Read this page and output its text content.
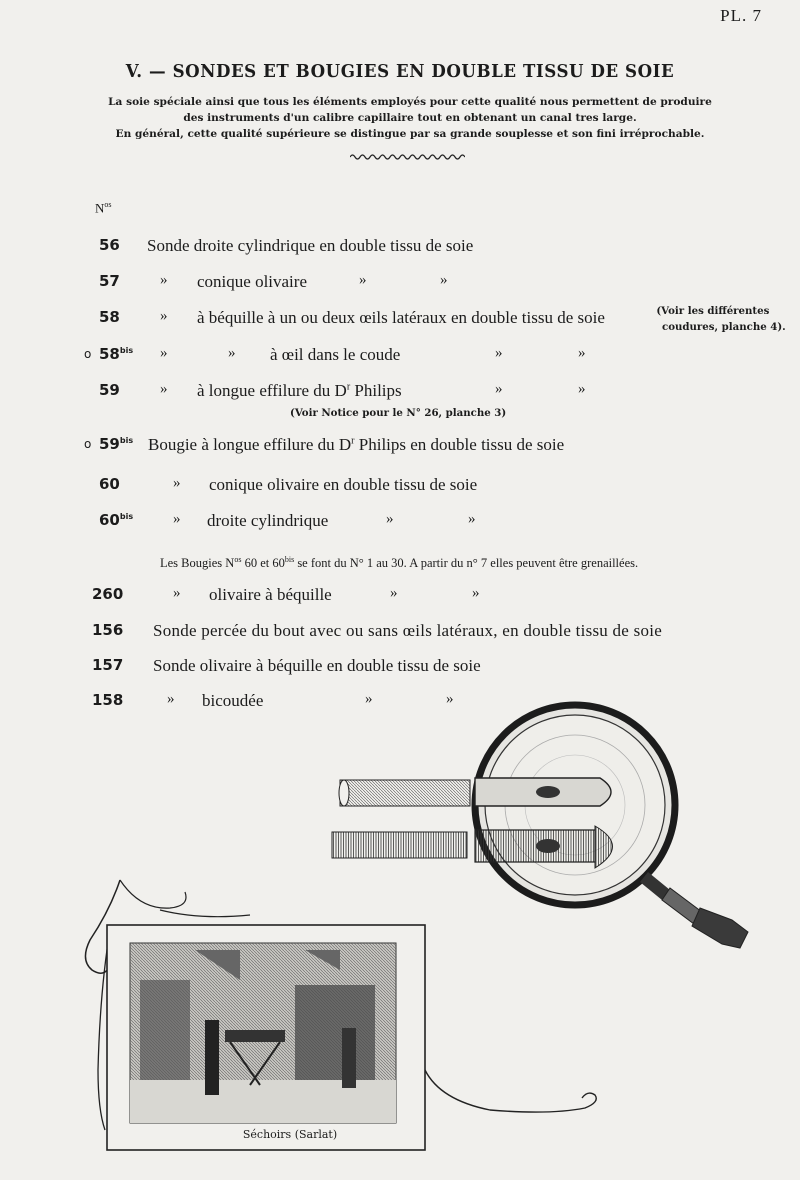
PL. 7
V. — SONDES ET BOUGIES EN DOUBLE TISSU DE SOIE
La soie spéciale ainsi que tous les éléments employés pour cette qualité nous permettent de produire
des instruments d'un calibre capillaire tout en obtenant un canal tres large.
En général, cette qualité supérieure se distingue par sa grande souplesse et son fini irréprochable.
$N^{os}$
56 Sonde droite cylindrique en double tissu de soie
57	» conique olivaire	»	»
58	» à béquille à un ou deux œils latéraux en double tissu de soie	(Voir les différentes
coudures, planche 4).
o $58^{bis}$ »	» à œil dans le coude	»	»
59	» à longue effilure du $D^r$ Philips	»	»
(Voir Notice pour le N° 26, planche 3)
o $59^{bis}$ Bougie à longue effilure du $D^r$ Philips en double tissu de soie
60	» conique olivaire en double tissu de soie
$60^{bis}$	» droite cylindrique	»	»
Les Bougies $N^{os}$ 60 et $60^{bis}$ se font du N° 1 au 30. A partir du n° 7 elles peuvent être grenaillées.
260	» olivaire à béquille	»	»
156 Sonde percée du bout avec ou sans œils latéraux, en double tissu de soie
157 Sonde olivaire à béquille en double tissu de soie
158	» bicoudée	»	»
Séchoirs (Sarlat)
